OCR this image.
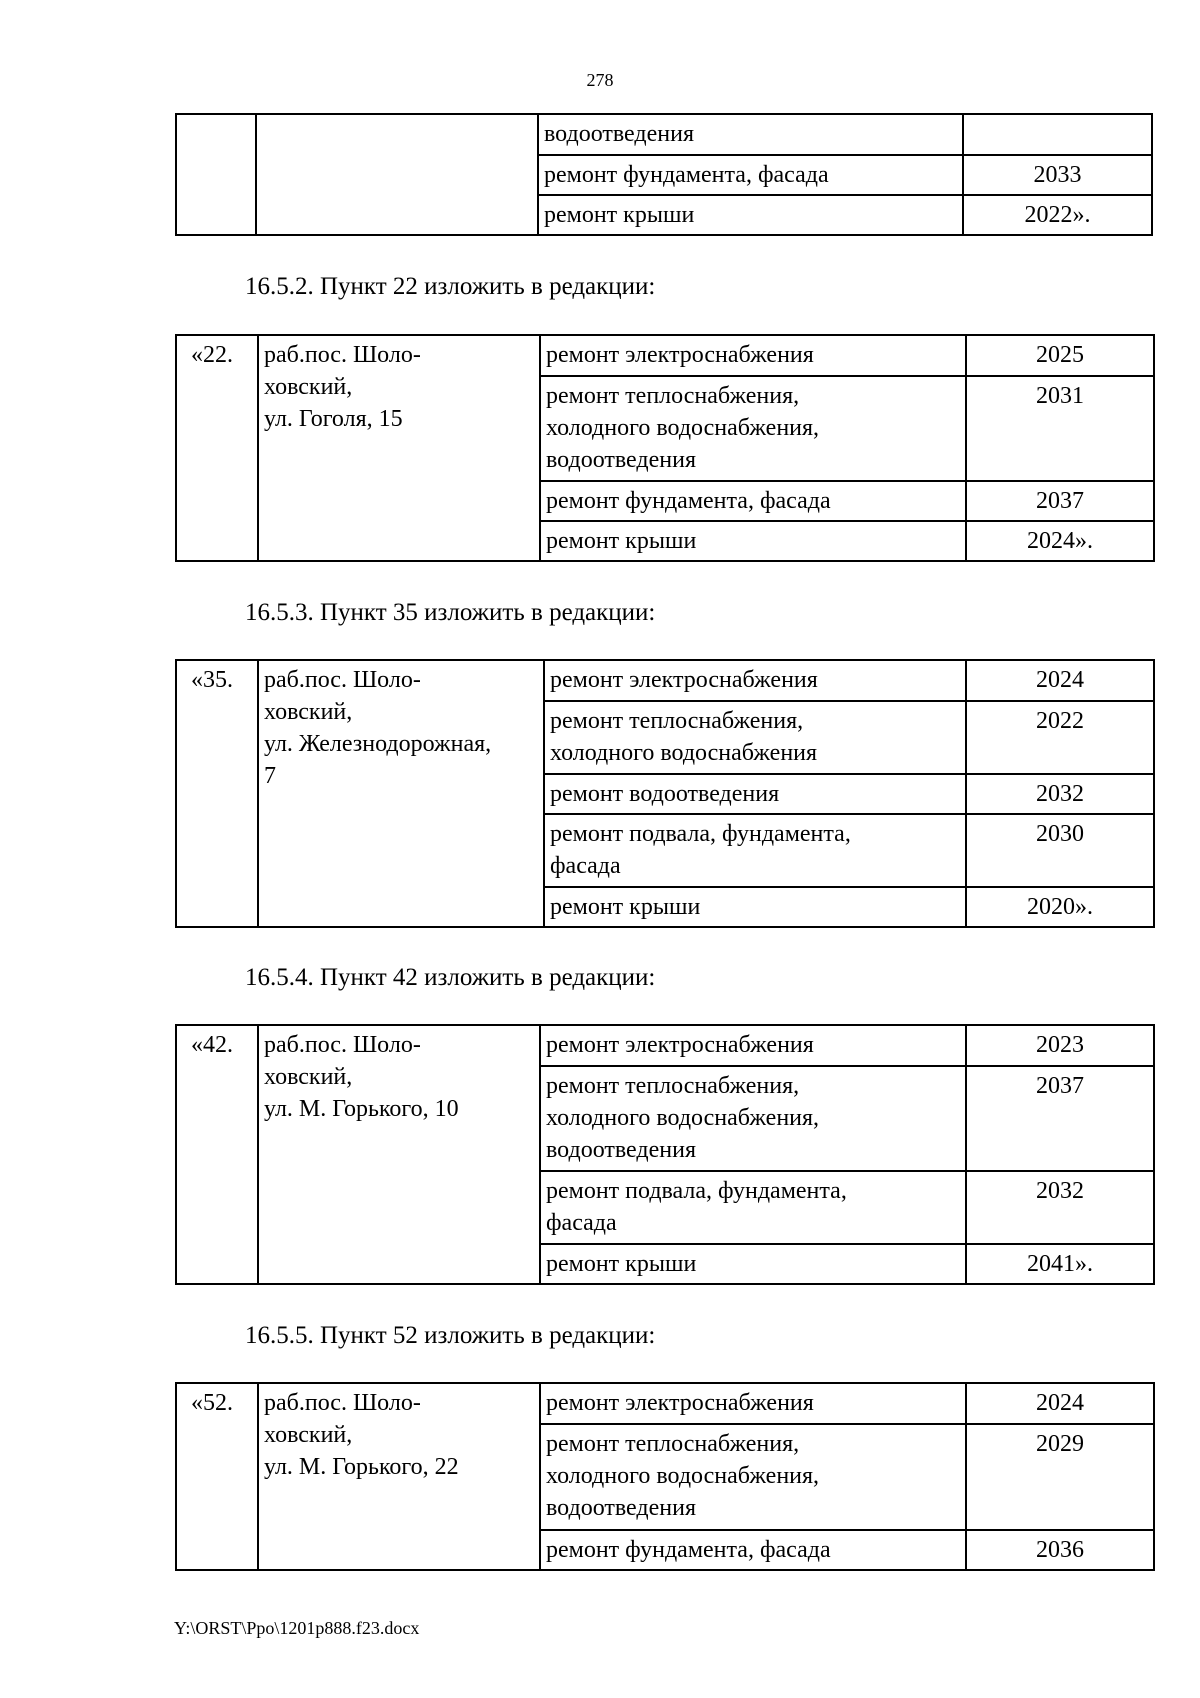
278
		водоотведения	
		ремонт фундамента, фасада	2033
		ремонт крыши	2022».
16.5.2. Пункт 22 изложить в редакции:
«22.	раб.пос. Шоло-
ховский,
ул. Гоголя, 15	ремонт электроснабжения	2025
		ремонт теплоснабжения,
холодного водоснабжения,
водоотведения	2031
		ремонт фундамента, фасада	2037
		ремонт крыши	2024».
16.5.3. Пункт 35 изложить в редакции:
«35.	раб.пос. Шоло-
ховский,
ул. Железнодорожная,
7	ремонт электроснабжения	2024
		ремонт теплоснабжения,
холодного водоснабжения	2022
		ремонт водоотведения	2032
		ремонт подвала, фундамента,
фасада	2030
		ремонт крыши	2020».
16.5.4. Пункт 42 изложить в редакции:
«42.	раб.пос. Шоло-
ховский,
ул. М. Горького, 10	ремонт электроснабжения	2023
		ремонт теплоснабжения,
холодного водоснабжения,
водоотведения	2037
		ремонт подвала, фундамента,
фасада	2032
		ремонт крыши	2041».
16.5.5. Пункт 52 изложить в редакции:
«52.	раб.пос. Шоло-
ховский,
ул. М. Горького, 22	ремонт электроснабжения	2024
		ремонт теплоснабжения,
холодного водоснабжения,
водоотведения	2029
		ремонт фундамента, фасада	2036
Y:\ORST\Ppo\1201p888.f23.docx
